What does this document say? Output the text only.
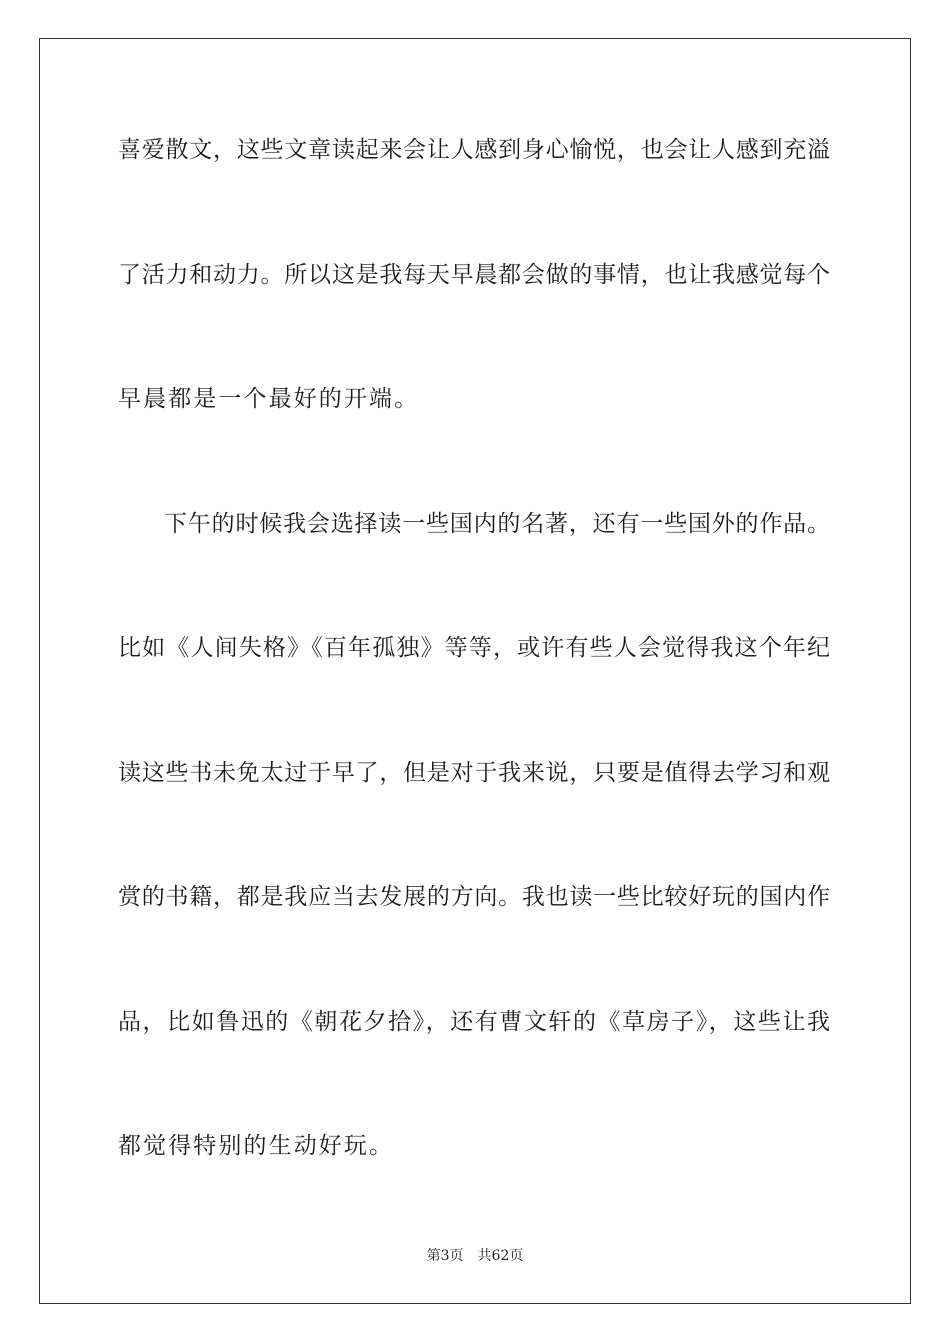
喜爱散文，这些文章读起来会让人感到身心愉悦，也会让人感到充溢
了活力和动力。所以这是我每天早晨都会做的事情，也让我感觉每个
早晨都是一个最好的开端。
下午的时候我会选择读一些国内的名著，还有一些国外的作品。
比如《人间失格》《百年孤独》等等，或许有些人会觉得我这个年纪
读这些书未免太过于早了，但是对于我来说，只要是值得去学习和观
赏的书籍，都是我应当去发展的方向。我也读一些比较好玩的国内作
品，比如鲁迅的《朝花夕拾》，还有曹文轩的《草房子》，这些让我
都觉得特别的生动好玩。
第3页 共62页
